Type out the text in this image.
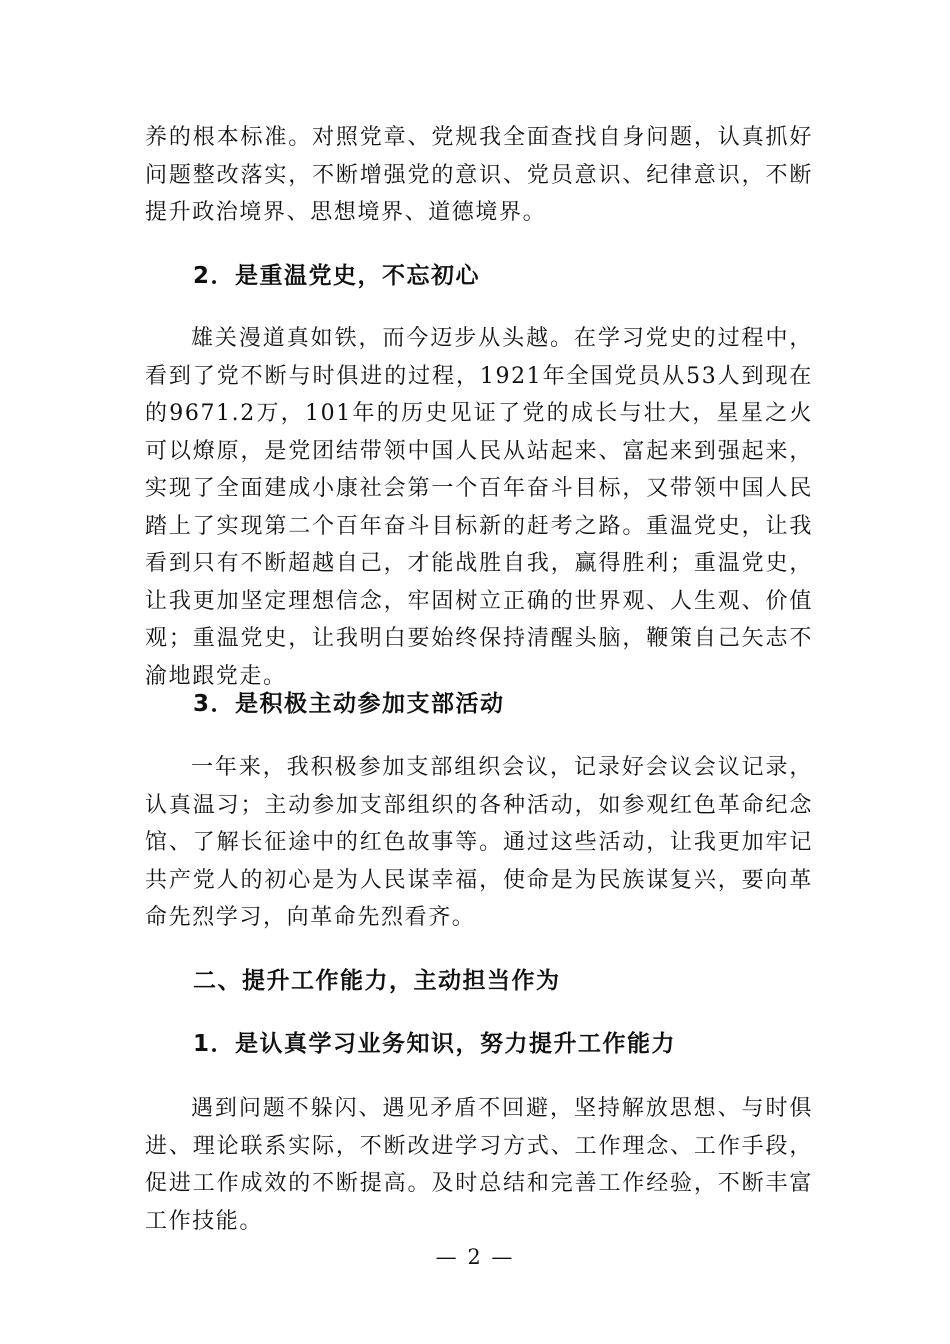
养的根本标准。对照党章、党规我全面查找自身问题，认真抓好问题整改落实，不断增强党的意识、党员意识、纪律意识，不断提升政治境界、思想境界、道德境界。

2．是重温党史，不忘初心

雄关漫道真如铁，而今迈步从头越。在学习党史的过程中，看到了党不断与时俱进的过程，1921年全国党员从53人到现在的9671.2万，101年的历史见证了党的成长与壮大，星星之火可以燎原，是党团结带领中国人民从站起来、富起来到强起来，实现了全面建成小康社会第一个百年奋斗目标，又带领中国人民踏上了实现第二个百年奋斗目标新的赶考之路。重温党史，让我看到只有不断超越自己，才能战胜自我，赢得胜利；重温党史，让我更加坚定理想信念，牢固树立正确的世界观、人生观、价值观；重温党史，让我明白要始终保持清醒头脑，鞭策自己矢志不渝地跟党走。

3．是积极主动参加支部活动

一年来，我积极参加支部组织会议，记录好会议会议记录，认真温习；主动参加支部组织的各种活动，如参观红色革命纪念馆、了解长征途中的红色故事等。通过这些活动，让我更加牢记共产党人的初心是为人民谋幸福，使命是为民族谋复兴，要向革命先烈学习，向革命先烈看齐。

二、提升工作能力，主动担当作为
1．是认真学习业务知识，努力提升工作能力

遇到问题不躲闪、遇见矛盾不回避，坚持解放思想、与时俱进、理论联系实际，不断改进学习方式、工作理念、工作手段，促进工作成效的不断提高。及时总结和完善工作经验，不断丰富工作技能。

— 2 —
